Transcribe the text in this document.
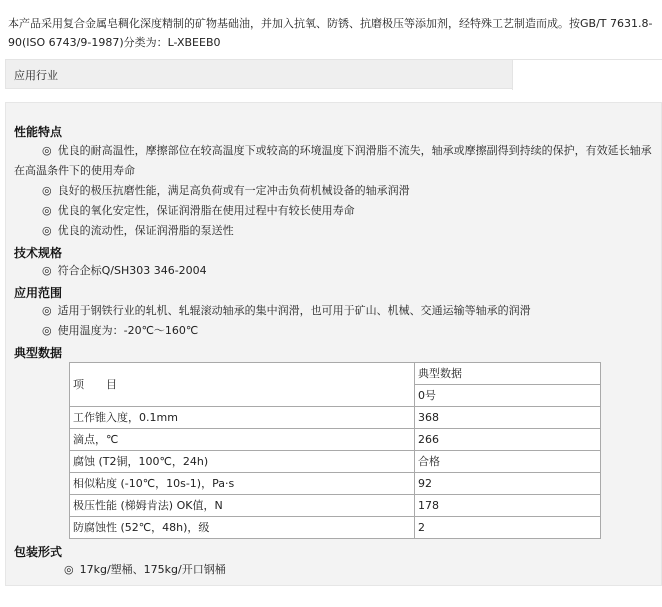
本产品采用复合金属皂稠化深度精制的矿物基础油，并加入抗氧、防锈、抗磨极压等添加剂，经特殊工艺制造而成。按GB/T 7631.8-90(ISO 6743/9-1987)分类为：L-XBEEB0
应用行业
性能特点
◎ 优良的耐高温性，摩擦部位在较高温度下或较高的环境温度下润滑脂不流失，轴承或摩擦副得到持续的保护，有效延长轴承在高温条件下的使用寿命
◎ 良好的极压抗磨性能，满足高负荷或有一定冲击负荷机械设备的轴承润滑
◎ 优良的氧化安定性，保证润滑脂在使用过程中有较长使用寿命
◎ 优良的流动性，保证润滑脂的泵送性
技术规格
◎ 符合企标Q/SH303 346-2004
应用范围
◎ 适用于钢铁行业的轧机、轧辊滚动轴承的集中润滑，也可用于矿山、机械、交通运输等轴承的润滑
◎ 使用温度为：-20℃～160℃
典型数据
项　　目	典型数据
	0号
工作锥入度，0.1mm	368
滴点，℃	266
腐蚀 (T2铜，100℃，24h)	合格
相似粘度 (-10℃，10s-1)，Pa·s	92
极压性能 (梯姆肯法) OK值，N	178
防腐蚀性 (52℃，48h)，级	2
包装形式
◎ 17kg/塑桶、175kg/开口钢桶
